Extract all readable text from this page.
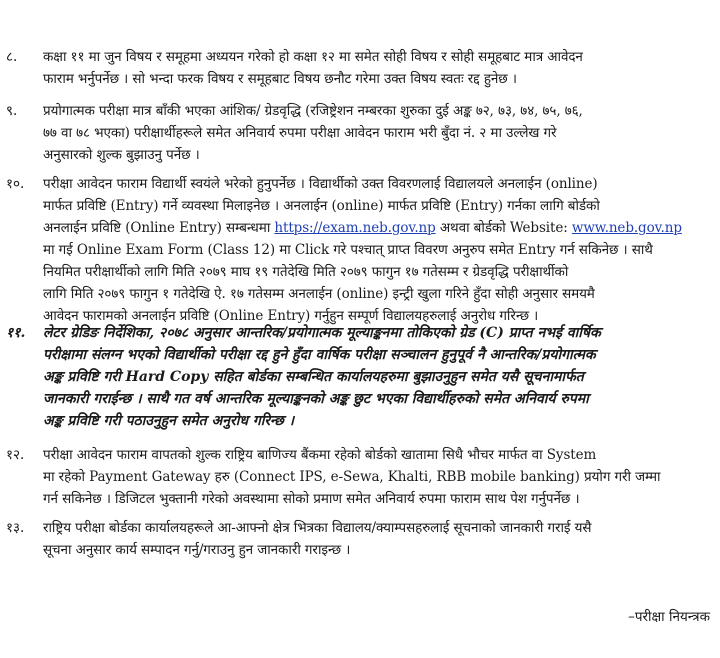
८. कक्षा ११ मा जुन विषय र समूहमा अध्ययन गरेको हो कक्षा १२ मा समेत सोही विषय र सोही समूहबाट मात्र आवेदन
फाराम भर्नुपर्नेछ । सो भन्दा फरक विषय र समूहबाट विषय छनौट गरेमा उक्त विषय स्वतः रद्द हुनेछ ।
९. प्रयोगात्मक परीक्षा मात्र बाँकी भएका आंशिक/ ग्रेडवृद्धि (रजिष्ट्रेशन नम्बरका शुरुका दुई अङ्क ७२, ७३, ७४, ७५, ७६,
७७ वा ७८ भएका) परीक्षार्थीहरूले समेत अनिवार्य रुपमा परीक्षा आवेदन फाराम भरी बुँदा नं. २ मा उल्लेख गरे
अनुसारको शुल्क बुझाउनु पर्नेछ ।
१०. परीक्षा आवेदन फाराम विद्यार्थी स्वयंले भरेको हुनुपर्नेछ । विद्यार्थीको उक्त विवरणलाई विद्यालयले अनलाईन (online)
मार्फत प्रविष्टि (Entry) गर्ने व्यवस्था मिलाइनेछ । अनलाईन (online) मार्फत प्रविष्टि (Entry) गर्नका लागि बोर्डको
अनलाईन प्रविष्टि (Online Entry) सम्बन्धमा https://exam.neb.gov.np अथवा बोर्डको Website: www.neb.gov.np
मा गई Online Exam Form (Class 12) मा Click गरे पश्चात् प्राप्त विवरण अनुरुप समेत Entry गर्न सकिनेछ । साथै
नियमित परीक्षार्थीको लागि मिति २०७९ माघ १९ गतेदेखि मिति २०७९ फागुन १७ गतेसम्म र ग्रेडवृद्धि परीक्षार्थीको
लागि मिति २०७९ फागुन १ गतेदेखि ऐ. १७ गतेसम्म अनलाईन (online) इन्ट्री खुला गरिने हुँदा सोही अनुसार समयमै
आवेदन फारामको अनलाईन प्रविष्टि (Online Entry) गर्नुहुन सम्पूर्ण विद्यालयहरुलाई अनुरोध गरिन्छ ।
११. लेटर ग्रेडिङ निर्देशिका, २०७८ अनुसार आन्तरिक/प्रयोगात्मक मूल्याङ्कनमा तोकिएको ग्रेड (C) प्राप्त नभई वार्षिक
परीक्षामा संलग्न भएको विद्यार्थीको परीक्षा रद्द हुने हुँदा वार्षिक परीक्षा सञ्चालन हुनुपूर्व नै आन्तरिक/प्रयोगात्मक
अङ्क प्रविष्टि गरी Hard Copy सहित बोर्डका सम्बन्धित कार्यालयहरुमा बुझाउनुहुन समेत यसै सूचनामार्फत
जानकारी गराईन्छ । साथै गत वर्ष आन्तरिक मूल्याङ्कनको अङ्क छुट भएका विद्यार्थीहरुको समेत अनिवार्य रुपमा
अङ्क प्रविष्टि गरी पठाउनुहुन समेत अनुरोध गरिन्छ ।
१२. परीक्षा आवेदन फाराम वापतको शुल्क राष्ट्रिय बाणिज्य बैंकमा रहेको बोर्डको खातामा सिधै भौचर मार्फत वा System
मा रहेको Payment Gateway हरु (Connect IPS, e-Sewa, Khalti, RBB mobile banking) प्रयोग गरी जम्मा
गर्न सकिनेछ । डिजिटल भुक्तानी गरेको अवस्थामा सोको प्रमाण समेत अनिवार्य रुपमा फाराम साथ पेश गर्नुपर्नेछ ।
१३. राष्ट्रिय परीक्षा बोर्डका कार्यालयहरूले आ-आफ्नो क्षेत्र भित्रका विद्यालय/क्याम्पसहरुलाई सूचनाको जानकारी गराई यसै
सूचना अनुसार कार्य सम्पादन गर्नु/गराउनु हुन जानकारी गराइन्छ ।
–परीक्षा नियन्त्रक
